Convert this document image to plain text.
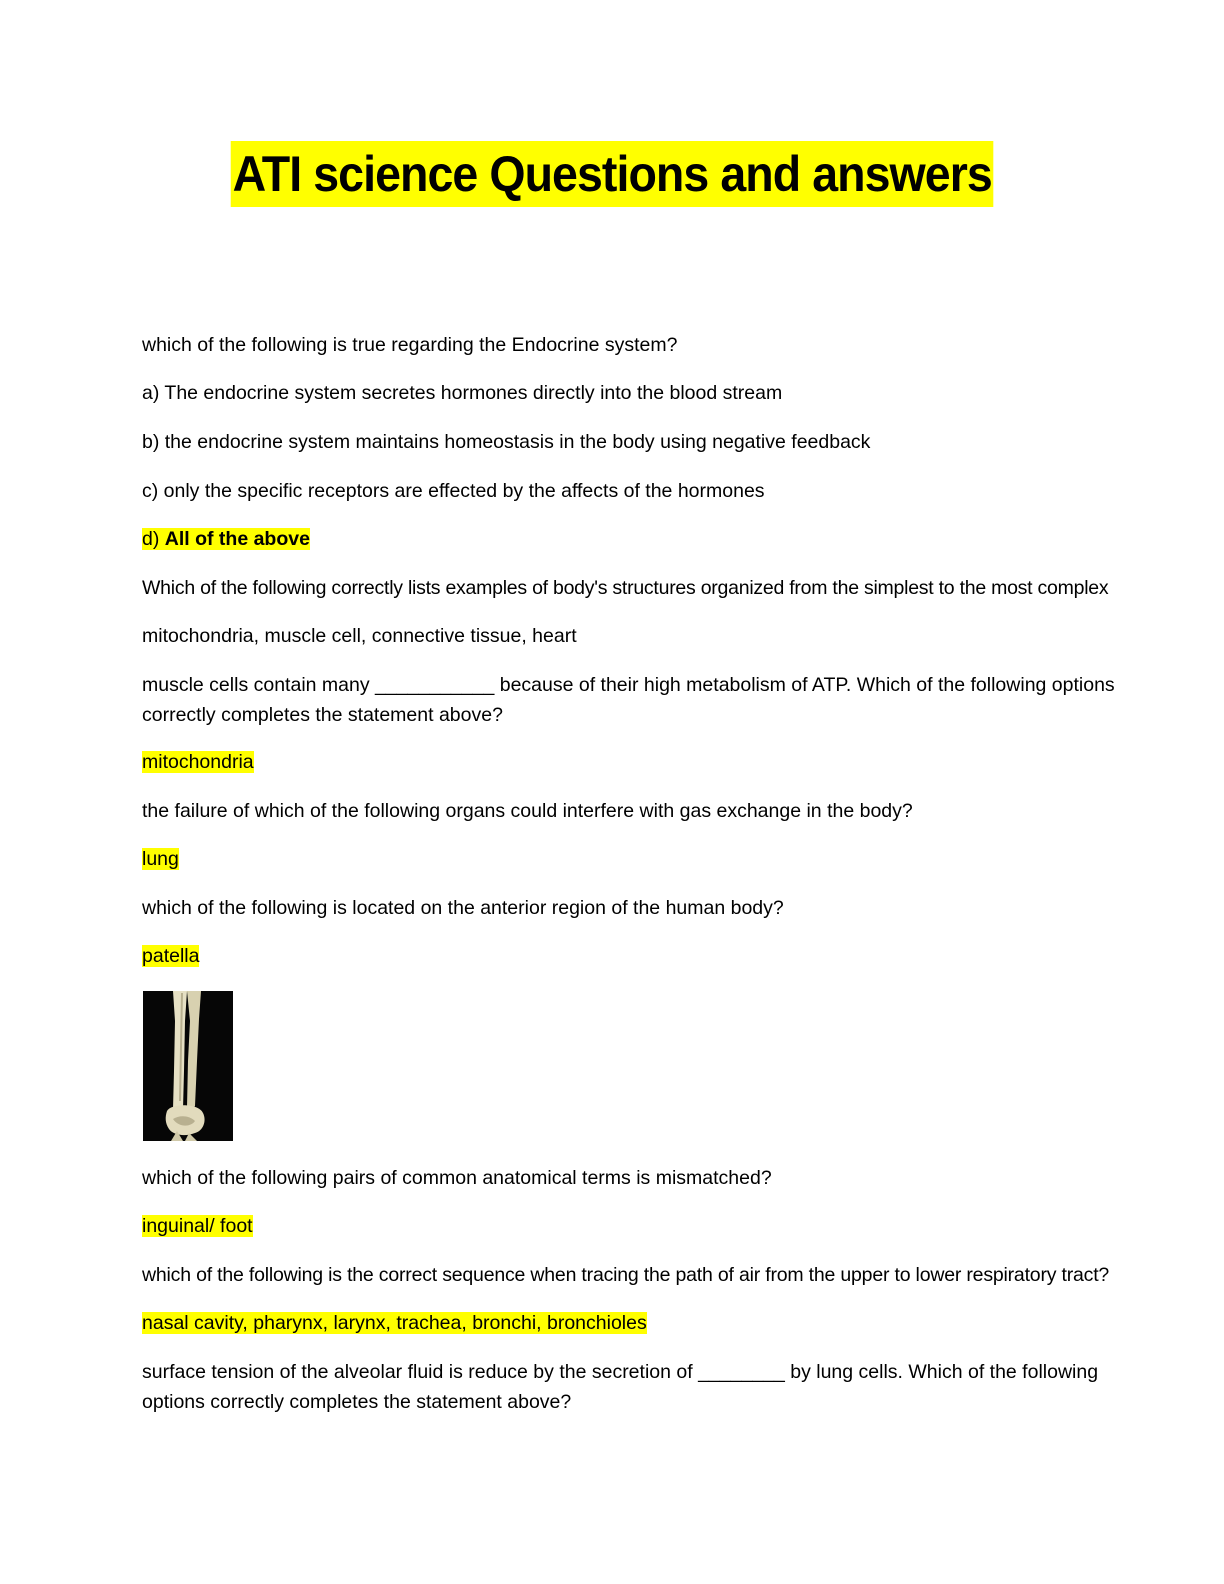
ATI science Questions and answers
which of the following is true regarding the Endocrine system?
a) The endocrine system secretes hormones directly into the blood stream
b) the endocrine system maintains homeostasis in the body using negative feedback
c) only the specific receptors are effected by the affects of the hormones
d) All of the above
Which of the following correctly lists examples of body's structures organized from the simplest to the most complex
mitochondria, muscle cell, connective tissue, heart
muscle cells contain many ___________ because of their high metabolism of ATP. Which of the following options correctly completes the statement above?
mitochondria
the failure of which of the following organs could interfere with gas exchange in the body?
lung
which of the following is located on the anterior region of the human body?
patella
which of the following pairs of common anatomical terms is mismatched?
inguinal/ foot
which of the following is the correct sequence when tracing the path of air from the upper to lower respiratory tract?
nasal cavity, pharynx, larynx, trachea, bronchi, bronchioles
surface tension of the alveolar fluid is reduce by the secretion of ________ by lung cells. Which of the following options correctly completes the statement above?
